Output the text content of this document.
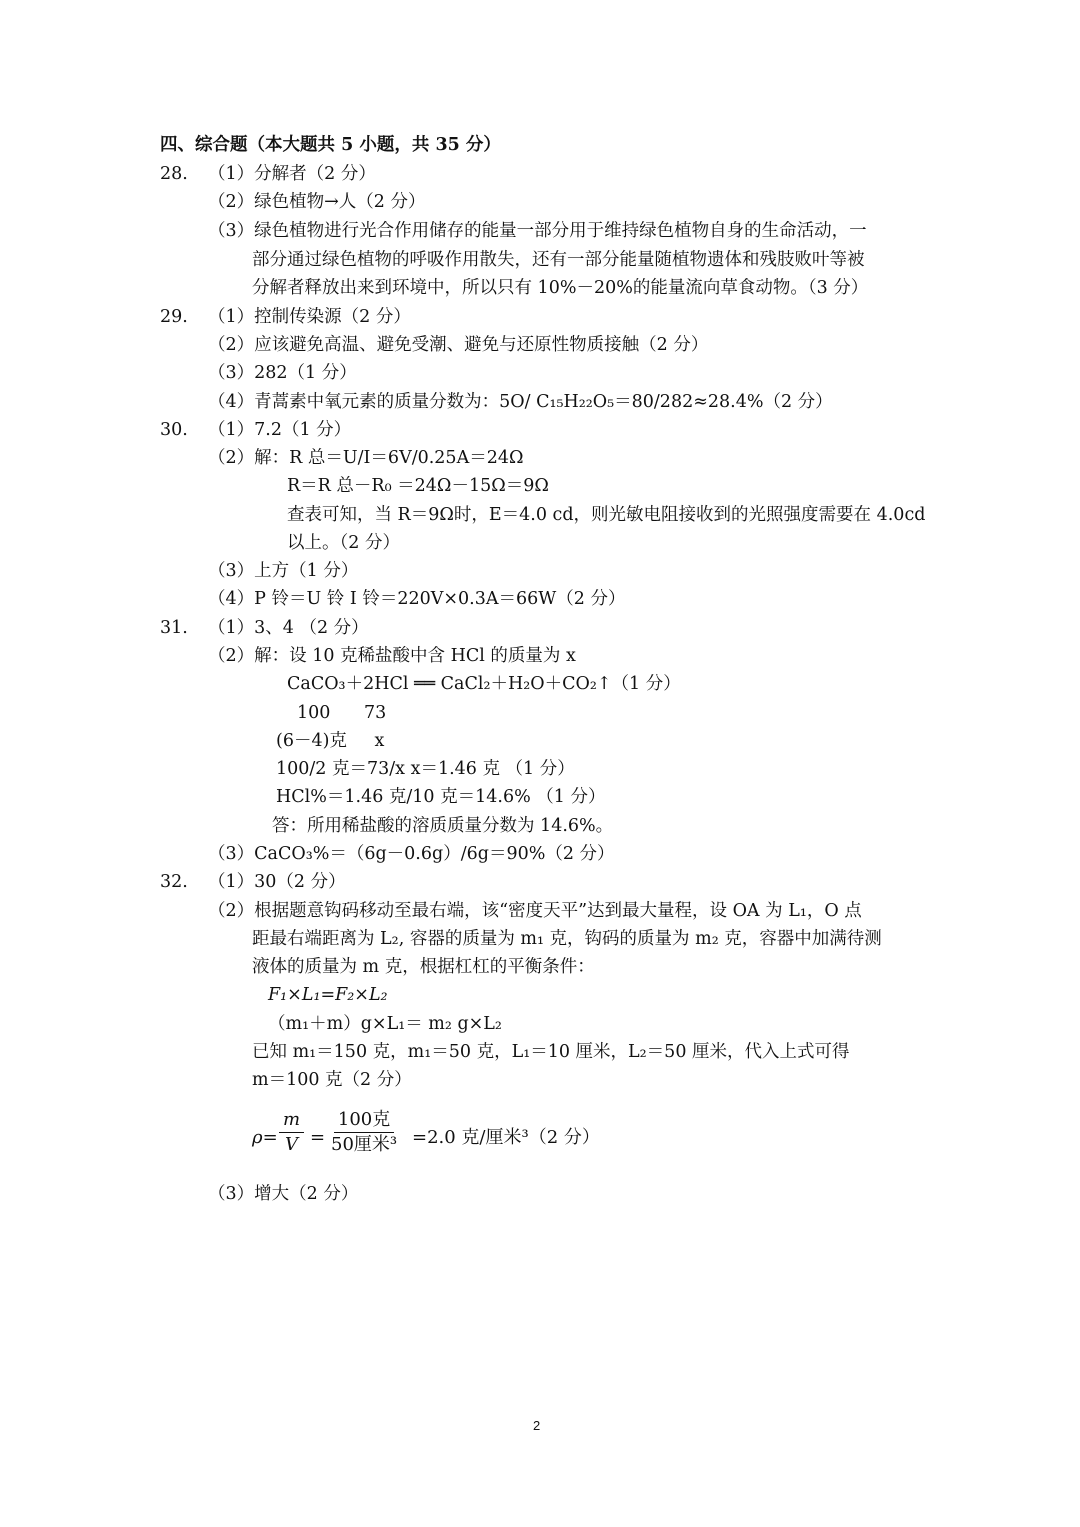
四、综合题（本大题共 5 小题，共 35 分）
28. （1）分解者（2 分）
（2）绿色植物→人（2 分）
（3）绿色植物进行光合作用储存的能量一部分用于维持绿色植物自身的生命活动，一
部分通过绿色植物的呼吸作用散失，还有一部分能量随植物遗体和残肢败叶等被
分解者释放出来到环境中，所以只有 10%－20%的能量流向草食动物。（3 分）
29. （1）控制传染源（2 分）
（2）应该避免高温、避免受潮、避免与还原性物质接触（2 分）
（3）282（1 分）
（4）青蒿素中氧元素的质量分数为：5O/ C₁₅H₂₂O₅＝80/282≈28.4%（2 分）
30. （1）7.2（1 分）
（2）解：R 总＝U/I＝6V/0.25A＝24Ω
R＝R 总－R₀ ＝24Ω－15Ω＝9Ω
查表可知，当 R＝9Ω时，E＝4.0 cd，则光敏电阻接收到的光照强度需要在 4.0cd
以上。（2 分）
（3）上方（1 分）
（4）P 铃＝U 铃 I 铃＝220V×0.3A＝66W（2 分）
31. （1）3、4 （2 分）
（2）解：设 10 克稀盐酸中含 HCl 的质量为 x
CaCO₃＋2HCl ══ CaCl₂＋H₂O＋CO₂↑（1 分）
100 73
(6－4)克 x
100/2 克＝73/x x＝1.46 克 （1 分）
HCl%＝1.46 克/10 克＝14.6% （1 分）
答：所用稀盐酸的溶质质量分数为 14.6%。
（3）CaCO₃%＝（6g－0.6g）/6g＝90%（2 分）
32. （1）30（2 分）
（2）根据题意钩码移动至最右端，该“密度天平”达到最大量程，设 OA 为 L₁，O 点
距最右端距离为 L₂, 容器的质量为 m₁ 克，钩码的质量为 m₂ 克，容器中加满待测
液体的质量为 m 克，根据杠杠的平衡条件：
F₁×L₁=F₂×L₂
（m₁＋m）g×L₁＝ m₂ g×L₂
已知 m₁＝150 克，m₁＝50 克，L₁＝10 厘米，L₂＝50 厘米，代入上式可得
m＝100 克（2 分）
$\rho= \frac{m}{V}$ =
100克
50厘米³ =2.0 克/厘米³（2 分）
（3）增大（2 分）
2
